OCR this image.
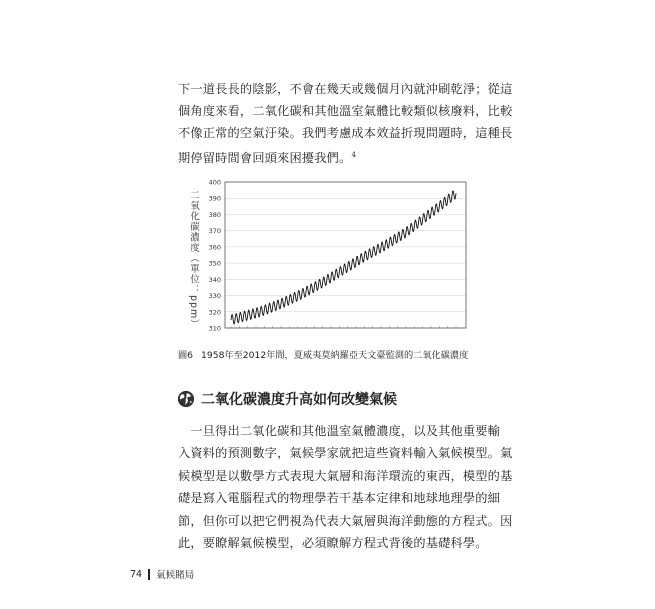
下一道長長的陰影，不會在幾天或幾個月內就沖刷乾淨；從這
個角度來看，二氧化碳和其他溫室氣體比較類似核廢料，比較
不像正常的空氣汙染。我們考慮成本效益折現問題時，這種長
期停留時間會回頭來困擾我們。$^4$
二氧化碳濃度（單位：ppm） 310
320
330
340
350
360
370
380
390
400
圖6 1958年至2012年間，夏威夷莫納羅亞天文臺監測的二氧化碳濃度
二氧化碳濃度升高如何改變氣候
　一旦得出二氧化碳和其他溫室氣體濃度，以及其他重要輸
入資料的預測數字，氣候學家就把這些資料輸入氣候模型。氣
候模型是以數學方式表現大氣層和海洋環流的東西，模型的基
礎是寫入電腦程式的物理學若干基本定律和地球地理學的細
節，但你可以把它們視為代表大氣層與海洋動態的方程式。因
此，要瞭解氣候模型，必須瞭解方程式背後的基礎科學。
74 氣候賭局
